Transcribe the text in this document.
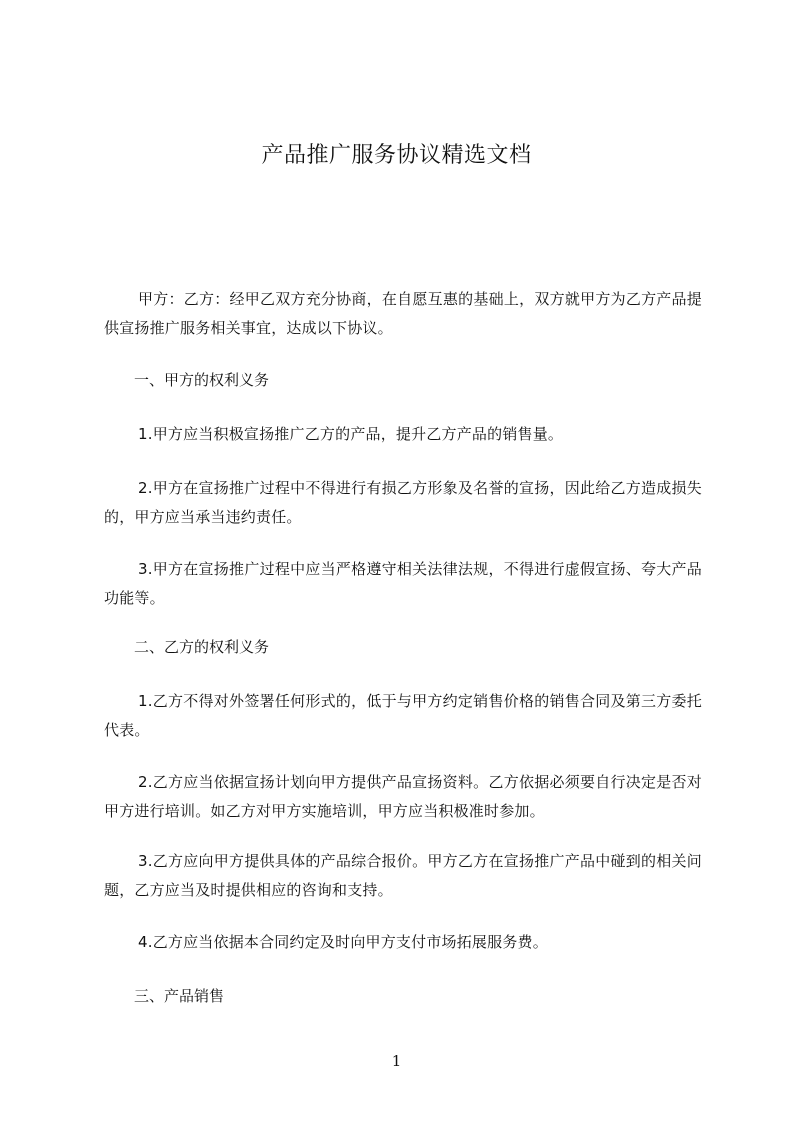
产品推广服务协议精选文档
甲方：乙方：经甲乙双方充分协商，在自愿互惠的基础上，双方就甲方为乙方产品提供宣扬推广服务相关事宜，达成以下协议。
一、甲方的权利义务
1.甲方应当积极宣扬推广乙方的产品，提升乙方产品的销售量。
2.甲方在宣扬推广过程中不得进行有损乙方形象及名誉的宣扬，因此给乙方造成损失的，甲方应当承当违约责任。
3.甲方在宣扬推广过程中应当严格遵守相关法律法规，不得进行虚假宣扬、夸大产品功能等。
二、乙方的权利义务
1.乙方不得对外签署任何形式的，低于与甲方约定销售价格的销售合同及第三方委托代表。
2.乙方应当依据宣扬计划向甲方提供产品宣扬资料。乙方依据必须要自行决定是否对甲方进行培训。如乙方对甲方实施培训，甲方应当积极准时参加。
3.乙方应向甲方提供具体的产品综合报价。甲方乙方在宣扬推广产品中碰到的相关问题，乙方应当及时提供相应的咨询和支持。
4.乙方应当依据本合同约定及时向甲方支付市场拓展服务费。
三、产品销售
1
